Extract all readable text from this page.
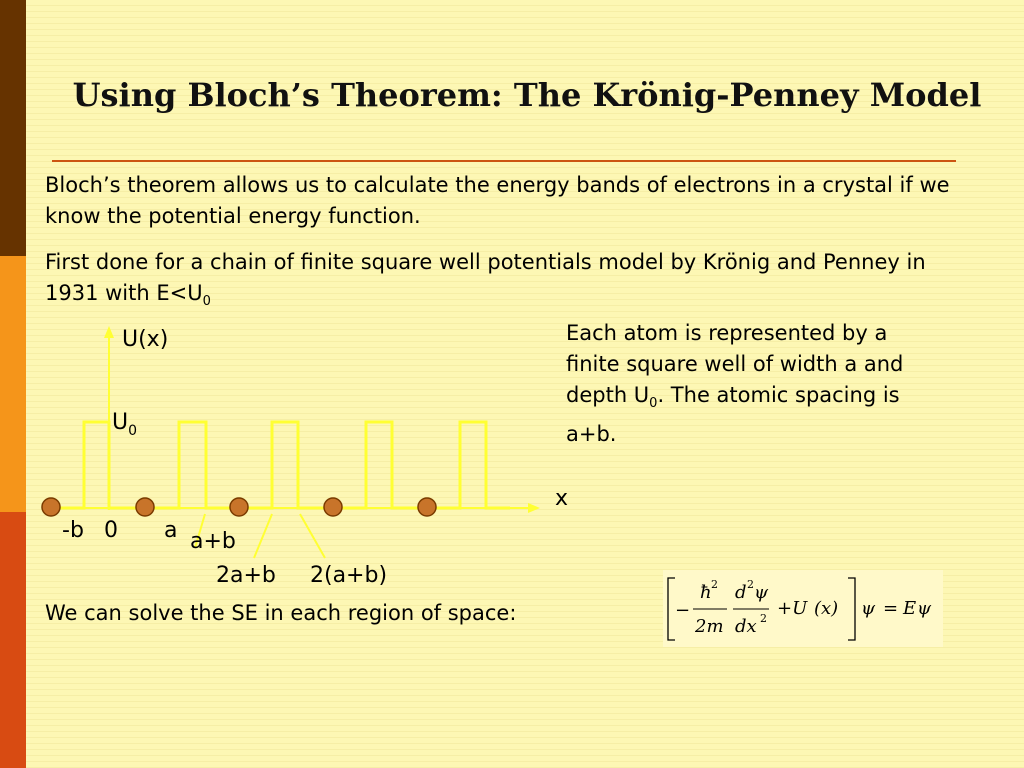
Using Bloch’s Theorem: The Krönig-Penney Model

Bloch’s theorem allows us to calculate the energy bands of electrons in a crystal if we know the potential energy function.

First done for a chain of finite square well potentials model by Krönig and Penney in 1931 with $E<U_0$

Each atom is represented by a finite square well of width a and depth $U_0$. The atomic spacing is a+b.

We can solve the SE in each region of space:

U(x)
$U_0$
x
-b 0 a a+b
2a+b 2(a+b)
−
ħ 2
2m
d 2 ψ
dx 2 +U (x) ψ = E ψ
